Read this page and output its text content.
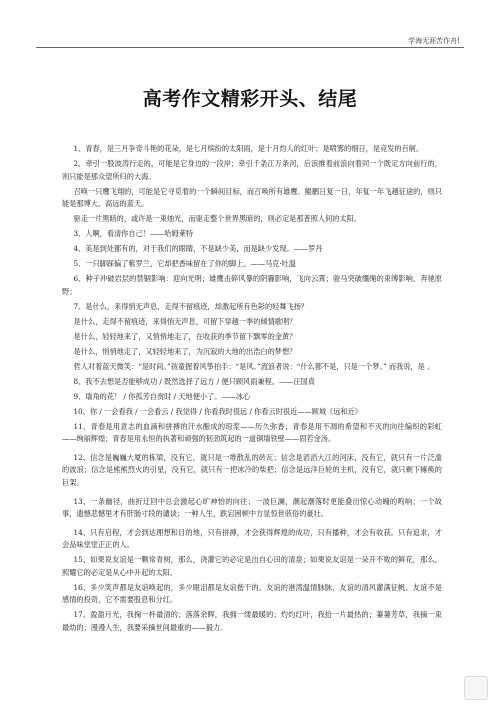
学海无涯苦作舟!
高考作文精彩开头、结尾

1、青春，是三月争奇斗艳的花朵，是七月缤纷的太阳雨，是十月灼人的红叶；是喷雾的细日，是竞发的百舸。

2、牵引一股波涛行走的，可能是它身边的一段岸；牵引千条江万条河，后浪推着前浪向着同一个既定方向前行的，则只能是那众望所归的大海。

召唤一只鹰飞翔的，可能是它寻觅着的一个瞬间目标，而召唤所有雄鹰、鲲鹏日复一日，年复一年飞越征途的，则只能是那博大、高远的蓝天。

驱走一片黑暗的，或许是一束烛光，而驱走整个世界黑暗的，则必定是那普照人间的太阳。

3、人啊，看清你自己！——哈姆莱特

4、美是到处都有的，对于我们的眼睛，不是缺少美，而是缺少发现。——罗丹

5、一只脚踩偏了紫罗兰，它却把香味留在了你的脚上。——马克·吐温

6、种子冲破岩层的禁锢影响：迎向光明；雄鹰击碎风暴的阴霾影响，飞向云霄；骏马突破缰绳的束缚影响，奔驰原野；

7、是什么，来得悄无声息，走得不留痕迹，却激起所有色彩的轻舞飞扬？

是什么，走得不留痕迹，来得悄无声息，可留下穿越一季的倾情歌唱？

是什么，轻轻地来了，又悄悄地走了，在收获的季节留下飘零的金黄？

是什么，悄悄地走了，又轻轻地来了，为沉寂的大地的出浩白的梦想？

哲人对着蓝天微笑：“是时间。”孩童握着风筝拍手：“是风。”流浪者说：“什么都不是，只是一个梦。” 而我说，是 。

8、我不去想是否能够成功 / 既然选择了远方 / 便只顾风雨兼程。——汪国真

9、墙角的花！ / 你孤芳自赏时 / 天地便小了。——冰心

10、你 / 一会看我 / 一会看云 / 我觉得 / 你看我时很远 / 你看云时很近——顾城《远和近》

11、青春是用意志的血滴和拼搏的汗水酿成的琼浆——历久弥香；青春是用不凋的希望和不灭的向往编织的彩虹——绚丽辉煌；青春是用永恒的执著和顽强的韧劲筑起的一道铜墙铁壁——固若金汤。

12、信念是巍巍大厦的栋梁，没有它，就只是一堆散乱的砖瓦；信念是滔滔大江的河床，没有它，就只有一片泛滥的波浪；信念是熊熊烈火的引星，没有它，就只有一把冰冷的柴把；信念是远洋巨轮的主机，没有它，就只剩下瘫痪的巨架。

13、一条幽径，曲折迂回中总会激起心旷神怡的向往；一波巨澜，潮起潮落时更能叠出惊心动魄的鸣响；一个故事，遗憾悲憾里才有肝肠寸段的谴谈；一种人生，跌宕困顿中方显惊世骇俗的豪壮。

14、只有启程，才会到达理想和目的地，只有拼搏，才会获得辉煌的成功，只有播种，才会有收获。只有追求，才会品味堂堂正正的人。

15、如果说友谊是一颗常青树，那么，浇灌它的必定是出自心田的清泉；如果说友谊是一朵开不败的鲜花，那么，照耀它的必定是从心中升起的太阳。

16、多少笑声都是友谊唤起的，多少眼泪都是友谊揩干的。友谊的港湾温情脉脉，友谊的清风灌满征帆。友谊不是感情的投资，它不需要股息和分红。

17、盈盈月光，我掬一杯最清的；落落余晖，我拥一缕最暖的；灼灼红叶，我拾一片最热的；萋萋芳草，我摘一束最幼的；漫漫人生，我要采摘世间最重的——毅力。
